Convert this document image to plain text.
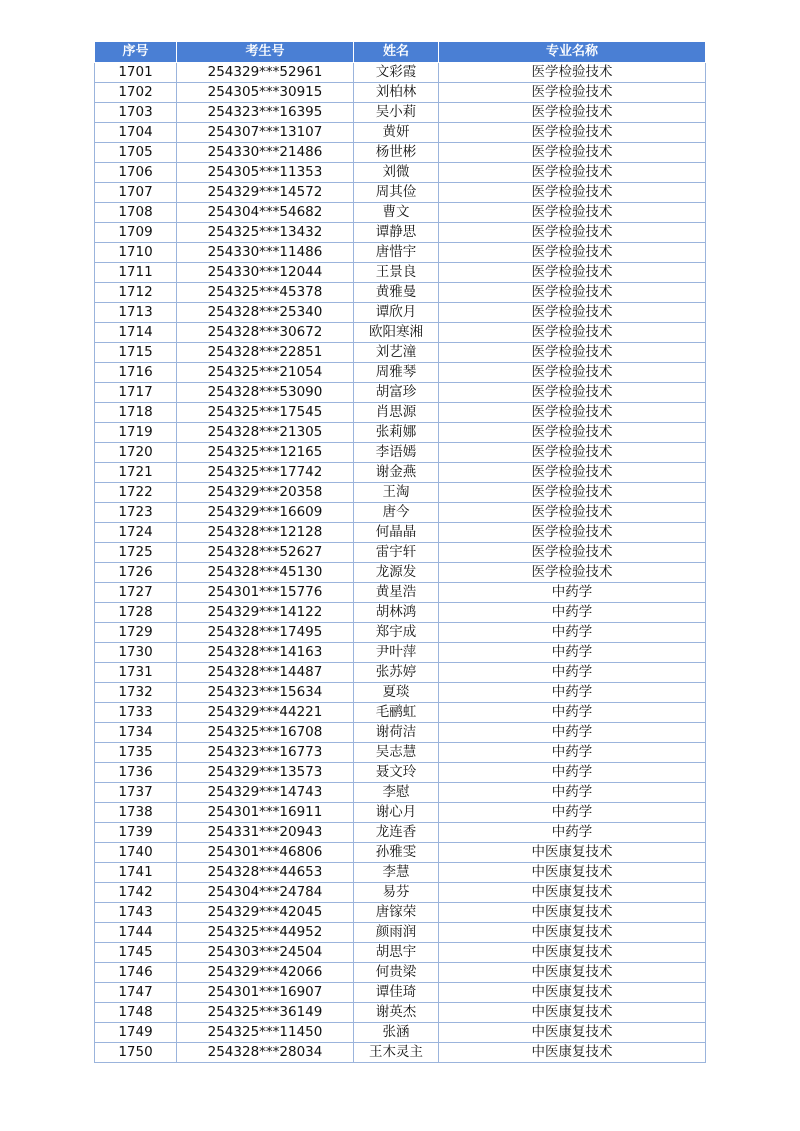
序号	考生号	姓名	专业名称
1701	254329***52961	文彩霞	医学检验技术
1702	254305***30915	刘柏林	医学检验技术
1703	254323***16395	吴小莉	医学检验技术
1704	254307***13107	黄妍	医学检验技术
1705	254330***21486	杨世彬	医学检验技术
1706	254305***11353	刘微	医学检验技术
1707	254329***14572	周其俭	医学检验技术
1708	254304***54682	曹文	医学检验技术
1709	254325***13432	谭静思	医学检验技术
1710	254330***11486	唐惜宇	医学检验技术
1711	254330***12044	王景良	医学检验技术
1712	254325***45378	黄雅曼	医学检验技术
1713	254328***25340	谭欣月	医学检验技术
1714	254328***30672	欧阳寒湘	医学检验技术
1715	254328***22851	刘艺潼	医学检验技术
1716	254325***21054	周雅琴	医学检验技术
1717	254328***53090	胡富珍	医学检验技术
1718	254325***17545	肖思源	医学检验技术
1719	254328***21305	张莉娜	医学检验技术
1720	254325***12165	李语嫣	医学检验技术
1721	254325***17742	谢金燕	医学检验技术
1722	254329***20358	王淘	医学检验技术
1723	254329***16609	唐今	医学检验技术
1724	254328***12128	何晶晶	医学检验技术
1725	254328***52627	雷宇轩	医学检验技术
1726	254328***45130	龙源发	医学检验技术
1727	254301***15776	黄星浩	中药学
1728	254329***14122	胡林鸿	中药学
1729	254328***17495	郑宇成	中药学
1730	254328***14163	尹叶萍	中药学
1731	254328***14487	张苏婷	中药学
1732	254323***15634	夏琰	中药学
1733	254329***44221	毛鹂虹	中药学
1734	254325***16708	谢荷洁	中药学
1735	254323***16773	吴志慧	中药学
1736	254329***13573	聂文玲	中药学
1737	254329***14743	李慰	中药学
1738	254301***16911	谢心月	中药学
1739	254331***20943	龙连香	中药学
1740	254301***46806	孙雅雯	中医康复技术
1741	254328***44653	李慧	中医康复技术
1742	254304***24784	易芬	中医康复技术
1743	254329***42045	唐镓荣	中医康复技术
1744	254325***44952	颜雨润	中医康复技术
1745	254303***24504	胡思宇	中医康复技术
1746	254329***42066	何贵梁	中医康复技术
1747	254301***16907	谭佳琦	中医康复技术
1748	254325***36149	谢英杰	中医康复技术
1749	254325***11450	张涵	中医康复技术
1750	254328***28034	王木灵主	中医康复技术
